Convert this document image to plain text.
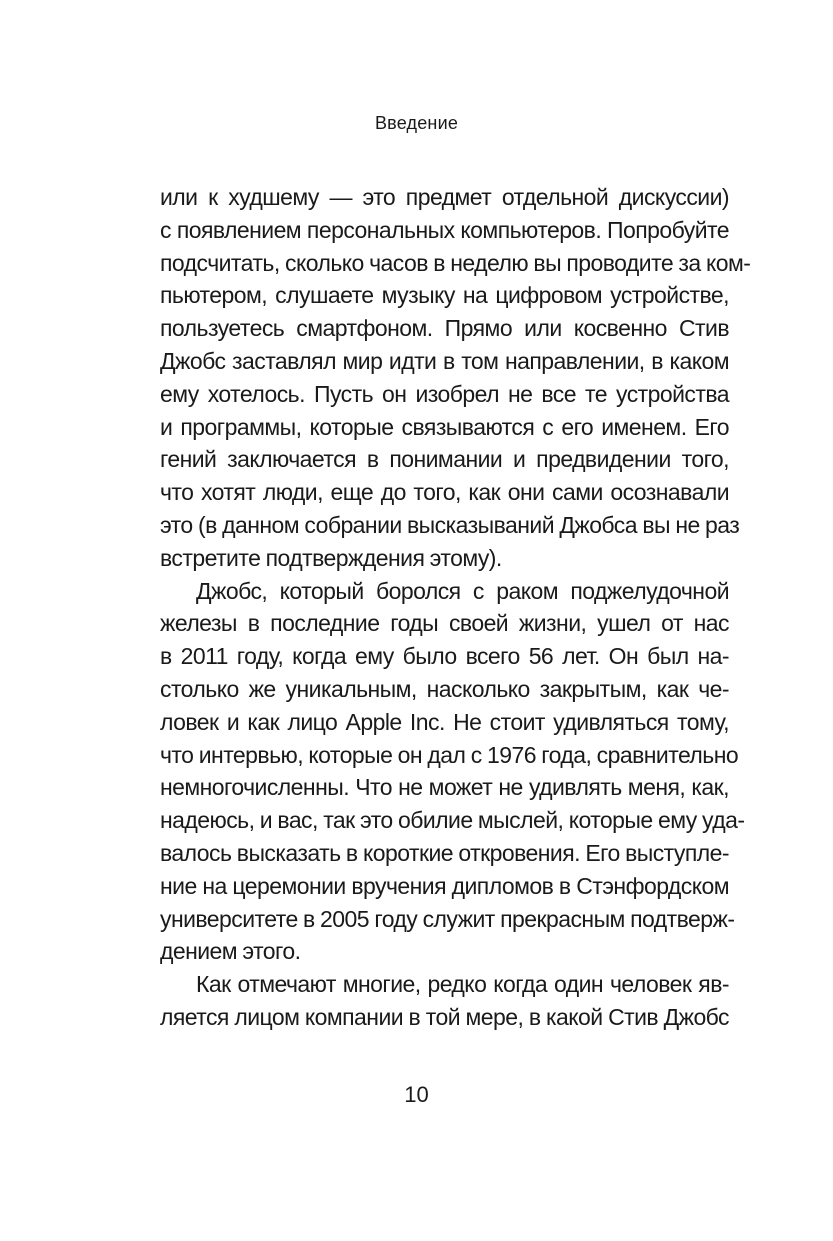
Введение

или к худшему — это предмет отдельной дискуссии)
с появлением персональных компьютеров. Попробуйте
подсчитать, сколько часов в неделю вы проводите за ком-
пьютером, слушаете музыку на цифровом устройстве,
пользуетесь смартфоном. Прямо или косвенно Стив
Джобс заставлял мир идти в том направлении, в каком
ему хотелось. Пусть он изобрел не все те устройства
и программы, которые связываются с его именем. Его
гений заключается в понимании и предвидении того,
что хотят люди, еще до того, как они сами осознавали
это (в данном собрании высказываний Джобса вы не раз
встретите подтверждения этому).

Джобс, который боролся с раком поджелудочной
железы в последние годы своей жизни, ушел от нас
в 2011 году, когда ему было всего 56 лет. Он был на-
столько же уникальным, насколько закрытым, как че-
ловек и как лицо Apple Inc. Не стоит удивляться тому,
что интервью, которые он дал с 1976 года, сравнительно
немногочисленны. Что не может не удивлять меня, как,
надеюсь, и вас, так это обилие мыслей, которые ему уда-
валось высказать в короткие откровения. Его выступле-
ние на церемонии вручения дипломов в Стэнфордском
университете в 2005 году служит прекрасным подтверж-
дением этого.

Как отмечают многие, редко когда один человек яв-
ляется лицом компании в той мере, в какой Стив Джобс

10
